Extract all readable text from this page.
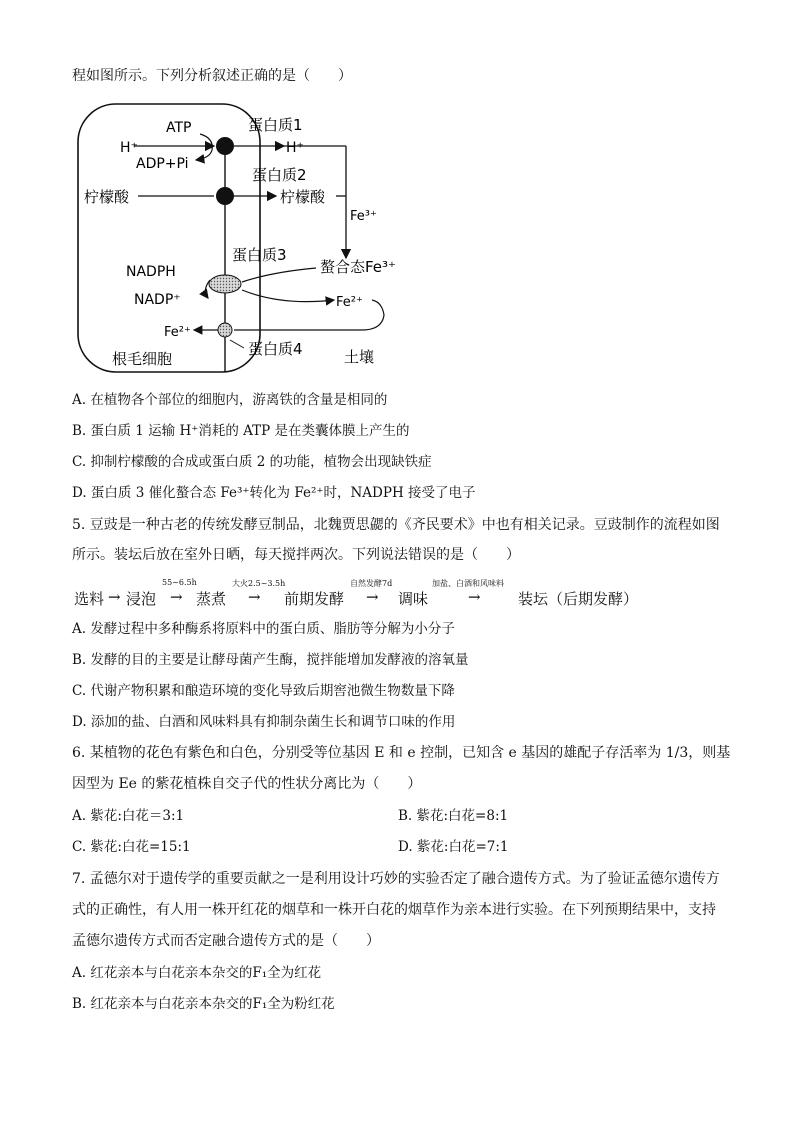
程如图所示。下列分析叙述正确的是（　　）
ATP
H⁺
ADP+Pi
蛋白质1
H⁺
蛋白质2
柠檬酸	柠檬酸
Fe³⁺
蛋白质3
螯合态Fe³⁺
NADPH
NADP⁺	Fe²⁺
Fe²⁺
蛋白质4
根毛细胞	土壤
A. 在植物各个部位的细胞内，游离铁的含量是相同的
B. 蛋白质 1 运输 H⁺消耗的 ATP 是在类囊体膜上产生的
C. 抑制柠檬酸的合成或蛋白质 2 的功能，植物会出现缺铁症
D. 蛋白质 3 催化螯合态 Fe³⁺转化为 Fe²⁺时，NADPH 接受了电子
5. 豆豉是一种古老的传统发酵豆制品，北魏贾思勰的《齐民要术》中也有相关记录。豆豉制作的流程如图
所示。装坛后放在室外日晒，每天搅拌两次。下列说法错误的是（　　）
55~6.5h	大火2.5~3.5h	自然发酵7d	加盐、白酒和风味料
选料 → 浸泡 → 蒸煮 → 前期发酵 → 调味	→ 装坛（后期发酵）
A. 发酵过程中多种酶系将原料中的蛋白质、脂肪等分解为小分子
B. 发酵的目的主要是让酵母菌产生酶，搅拌能增加发酵液的溶氧量
C. 代谢产物积累和酿造环境的变化导致后期窖池微生物数量下降
D. 添加的盐、白酒和风味料具有抑制杂菌生长和调节口味的作用
6. 某植物的花色有紫色和白色，分别受等位基因 E 和 e 控制，已知含 e 基因的雄配子存活率为 1/3，则基
因型为 Ee 的紫花植株自交子代的性状分离比为（　　）
A. 紫花:白花＝3:1	B. 紫花:白花=8:1
C. 紫花:白花=15:1	D. 紫花:白花=7:1
7. 孟德尔对于遗传学的重要贡献之一是利用设计巧妙的实验否定了融合遗传方式。为了验证孟德尔遗传方
式的正确性，有人用一株开红花的烟草和一株开白花的烟草作为亲本进行实验。在下列预期结果中，支持
孟德尔遗传方式而否定融合遗传方式的是（　　）
A. 红花亲本与白花亲本杂交的F₁全为红花
B. 红花亲本与白花亲本杂交的F₁全为粉红花
